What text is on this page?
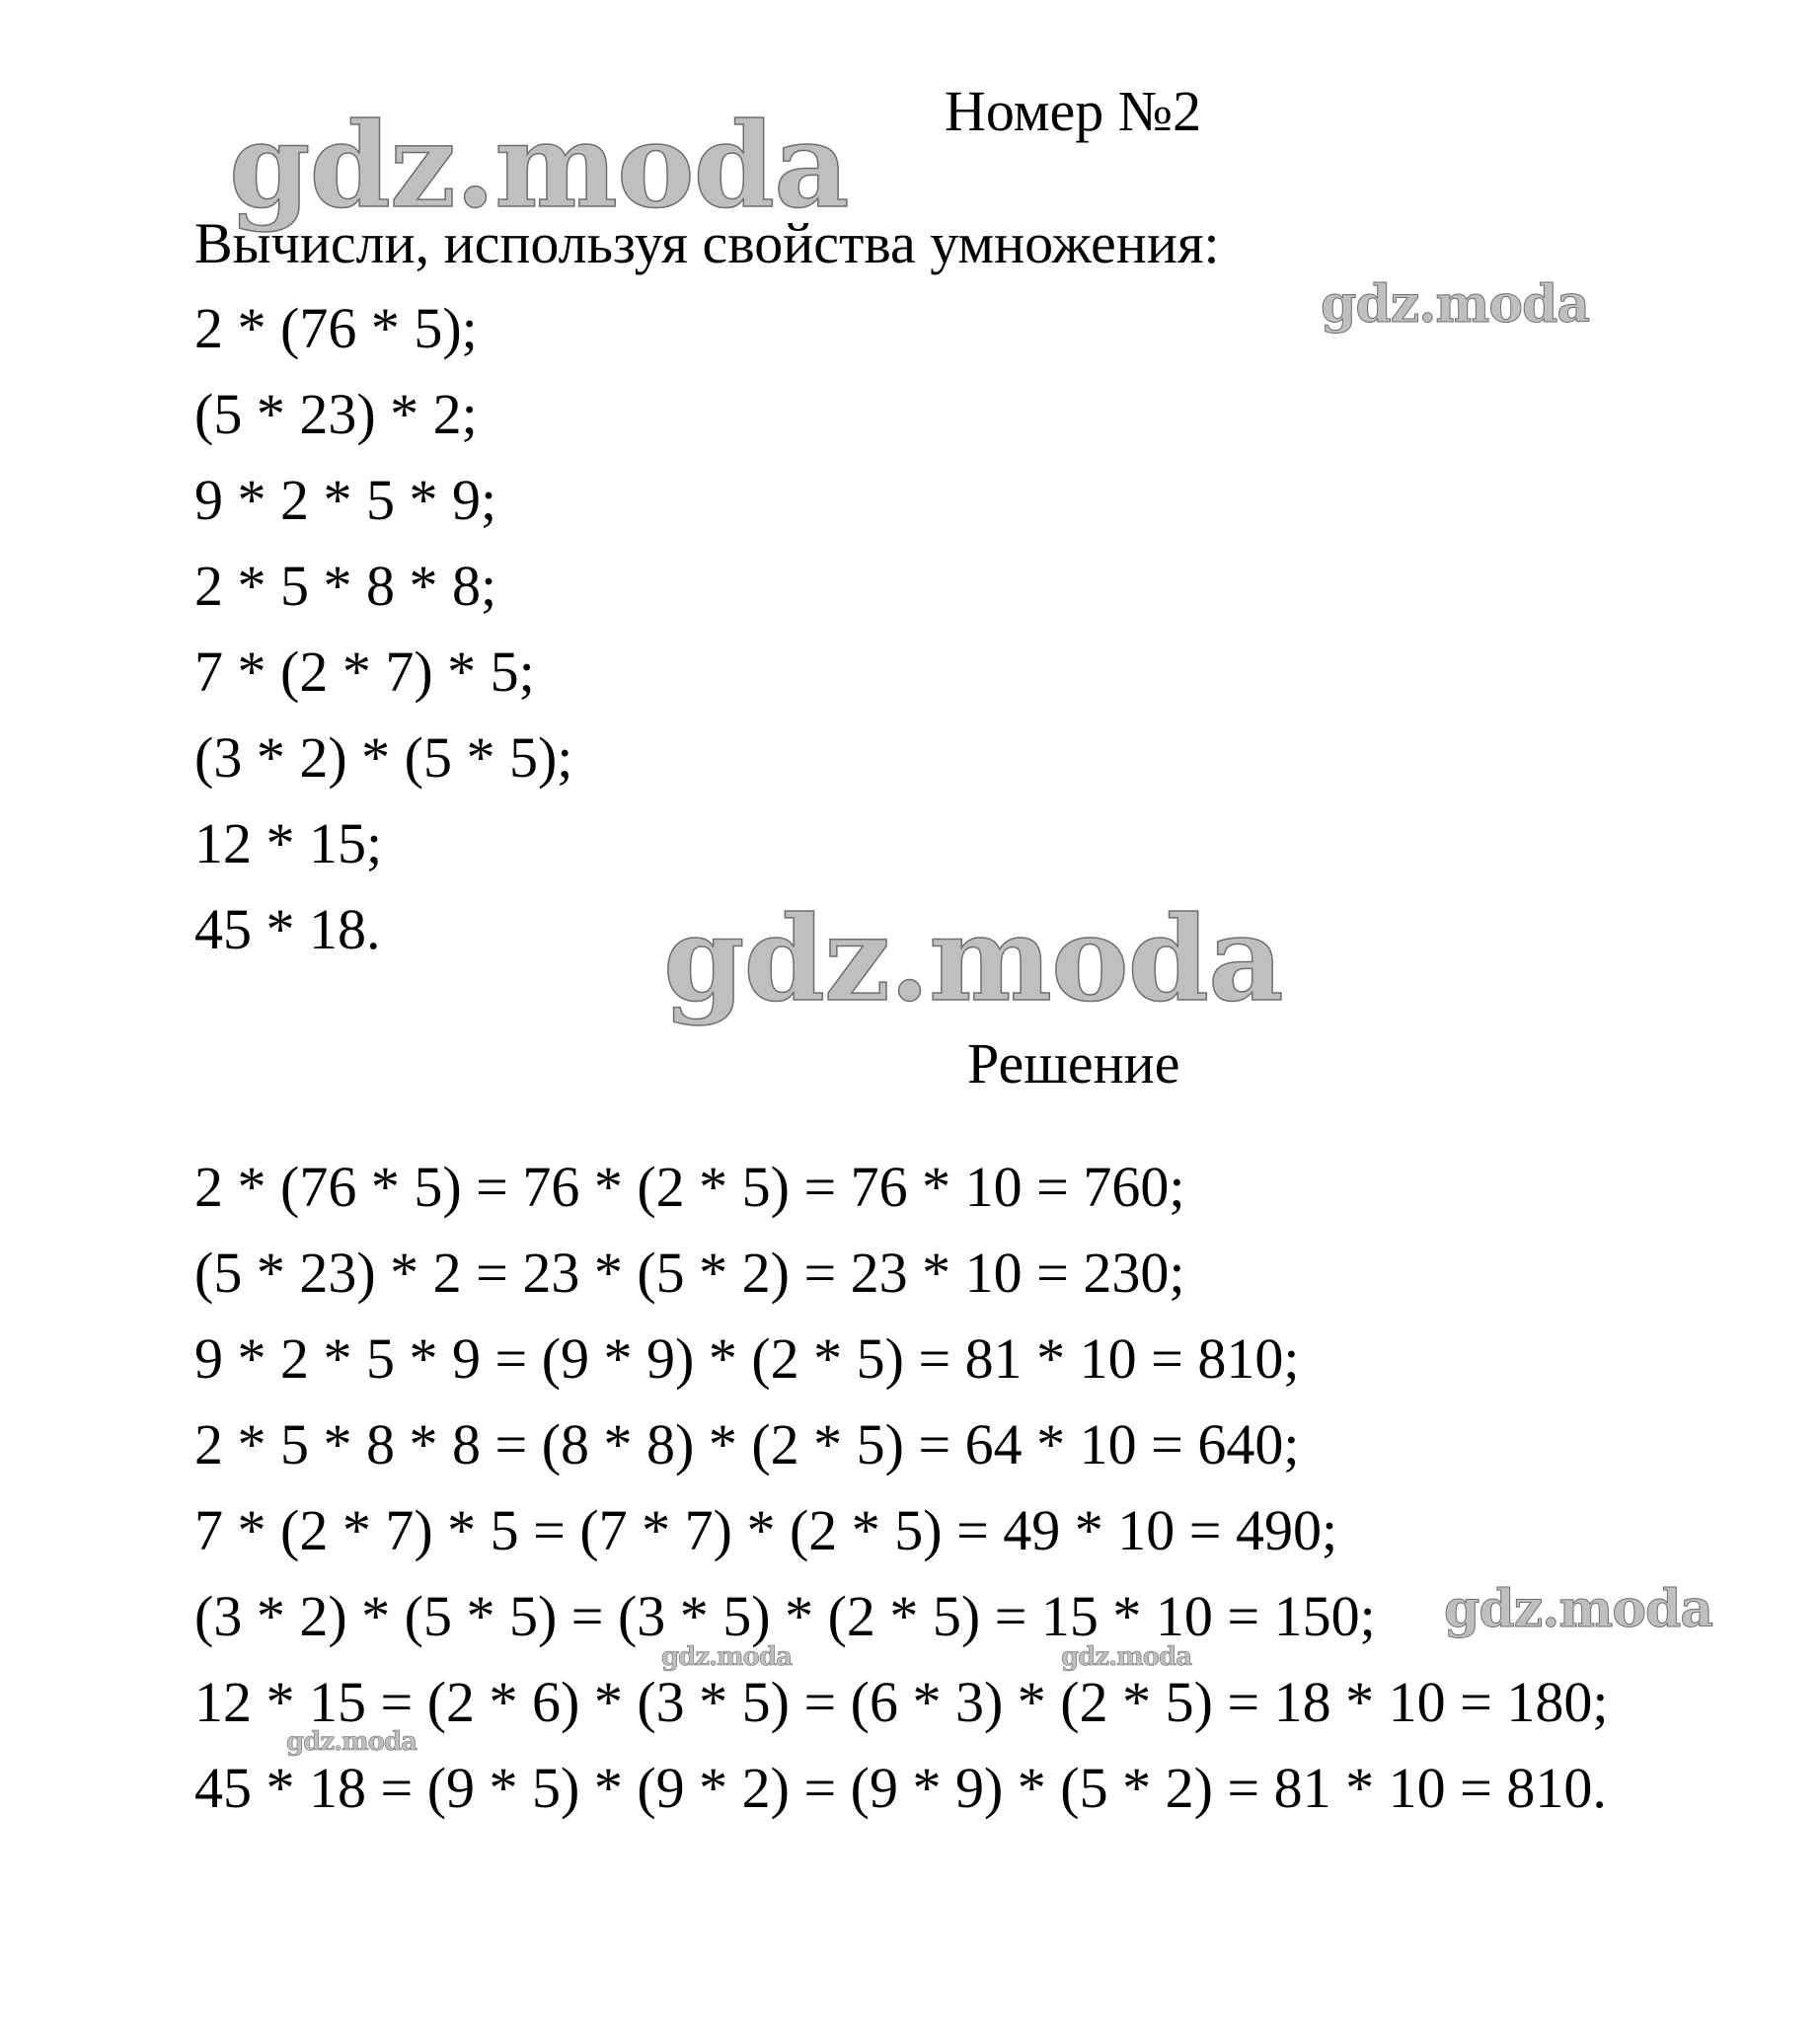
Номер №2
Вычисли, используя свойства умножения:
2 * (76 * 5);
(5 * 23) * 2;
9 * 2 * 5 * 9;
2 * 5 * 8 * 8;
7 * (2 * 7) * 5;
(3 * 2) * (5 * 5);
12 * 15;
45 * 18.
Решение
2 * (76 * 5) = 76 * (2 * 5) = 76 * 10 = 760;
(5 * 23) * 2 = 23 * (5 * 2) = 23 * 10 = 230;
9 * 2 * 5 * 9 = (9 * 9) * (2 * 5) = 81 * 10 = 810;
2 * 5 * 8 * 8 = (8 * 8) * (2 * 5) = 64 * 10 = 640;
7 * (2 * 7) * 5 = (7 * 7) * (2 * 5) = 49 * 10 = 490;
(3 * 2) * (5 * 5) = (3 * 5) * (2 * 5) = 15 * 10 = 150;
12 * 15 = (2 * 6) * (3 * 5) = (6 * 3) * (2 * 5) = 18 * 10 = 180;
45 * 18 = (9 * 5) * (9 * 2) = (9 * 9) * (5 * 2) = 81 * 10 = 810.
gdz.moda
gdz.moda
gdz.moda
gdz.moda
gdz.moda	gdz.moda
gdz.moda
